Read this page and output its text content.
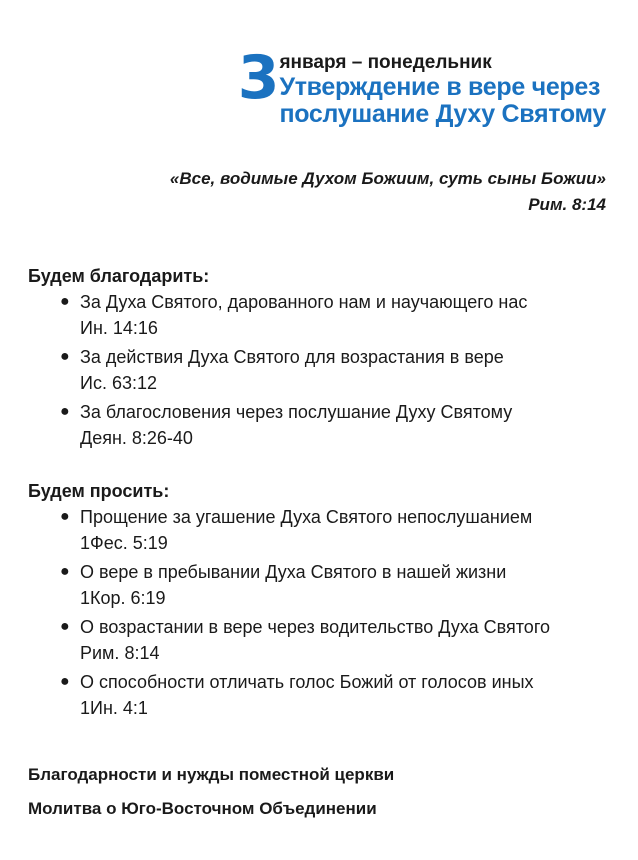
3 января – понедельник
Утверждение в вере через
послушание Духу Святому
«Все, водимые Духом Божиим, суть сыны Божии»
Рим. 8:14
Будем благодарить:
● За Духа Святого, дарованного нам и научающего нас
Ин. 14:16
● За действия Духа Святого для возрастания в вере
Ис. 63:12
● За благословения через послушание Духу Святому
Деян. 8:26-40
Будем просить:
● Прощение за угашение Духа Святого непослушанием
1Фес. 5:19
● О вере в пребывании Духа Святого в нашей жизни
1Кор. 6:19
● О возрастании в вере через водительство Духа Святого
Рим. 8:14
● О способности отличать голос Божий от голосов иных
1Ин. 4:1
Благодарности и нужды поместной церкви
Молитва о Юго-Восточном Объединении
